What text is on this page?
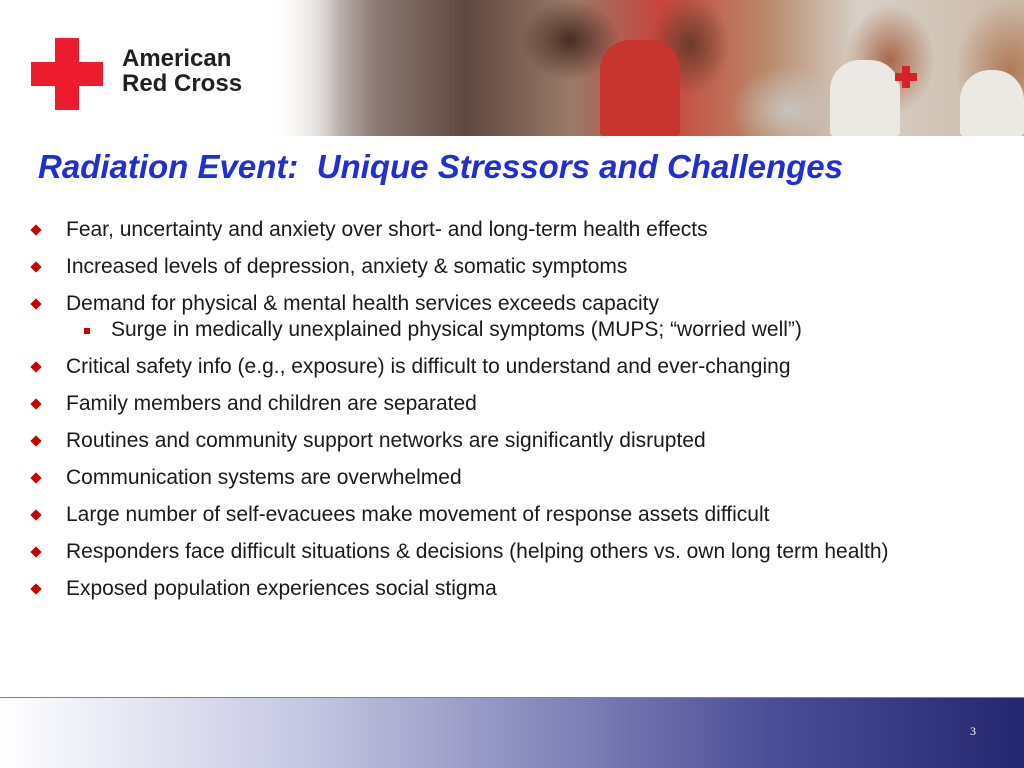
American
Red Cross
Radiation Event:  Unique Stressors and Challenges
Fear, uncertainty and anxiety over short- and long-term health effects
Increased levels of depression, anxiety & somatic symptoms
Demand for physical & mental health services exceeds capacity
Surge in medically unexplained physical symptoms (MUPS; “worried well”)
Critical safety info (e.g., exposure) is difficult to understand and ever-changing
Family members and children are separated
Routines and community support networks are significantly disrupted
Communication systems are overwhelmed
Large number of self-evacuees make movement of response assets difficult
Responders face difficult situations & decisions (helping others vs. own long term health)
Exposed population experiences social stigma
3
